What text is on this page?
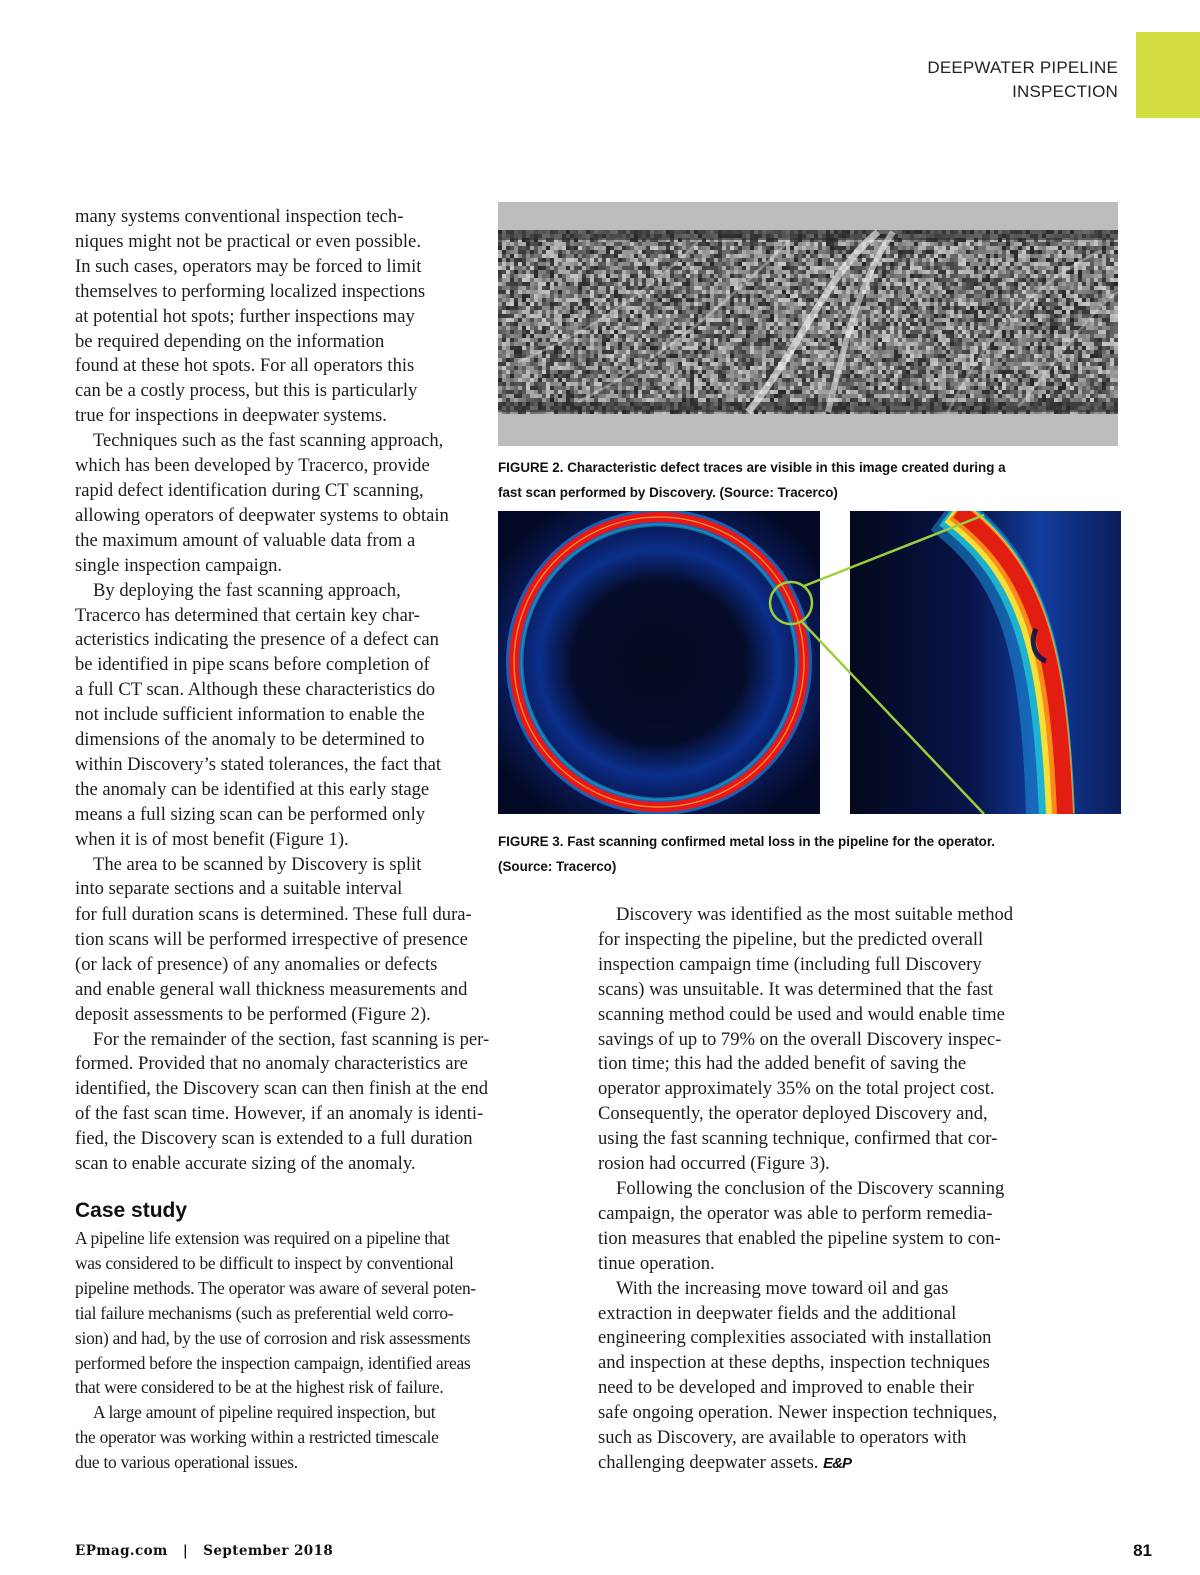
DEEPWATER PIPELINE
INSPECTION

many systems conventional inspection tech-

niques might not be practical or even possible.

In such cases, operators may be forced to limit

themselves to performing localized inspections

at potential hot spots; further inspections may

be required depending on the information

found at these hot spots. For all operators this

can be a costly process, but this is particularly

true for inspections in deepwater systems.

Techniques such as the fast scanning approach,

which has been developed by Tracerco, provide

rapid defect identification during CT scanning,

allowing operators of deepwater systems to obtain

the maximum amount of valuable data from a

single inspection campaign.

By deploying the fast scanning approach,

Tracerco has determined that certain key char-

acteristics indicating the presence of a defect can

be identified in pipe scans before completion of

a full CT scan. Although these characteristics do

not include sufficient information to enable the

dimensions of the anomaly to be determined to

within Discovery’s stated tolerances, the fact that

the anomaly can be identified at this early stage

means a full sizing scan can be performed only

when it is of most benefit (Figure 1).

The area to be scanned by Discovery is split

into separate sections and a suitable interval

FIGURE 2. Characteristic defect traces are visible in this image created during a

fast scan performed by Discovery. (Source: Tracerco)

FIGURE 3. Fast scanning confirmed metal loss in the pipeline for the operator.

(Source: Tracerco)

for full duration scans is determined. These full dura-

tion scans will be performed irrespective of presence

(or lack of presence) of any anomalies or defects

and enable general wall thickness measurements and

deposit assessments to be performed (Figure 2).

For the remainder of the section, fast scanning is per-

formed. Provided that no anomaly characteristics are

identified, the Discovery scan can then finish at the end

of the fast scan time. However, if an anomaly is identi-

fied, the Discovery scan is extended to a full duration

scan to enable accurate sizing of the anomaly.

Case study

A pipeline life extension was required on a pipeline that

was considered to be difficult to inspect by conventional

pipeline methods. The operator was aware of several poten-

tial failure mechanisms (such as preferential weld corro-

sion) and had, by the use of corrosion and risk assessments

performed before the inspection campaign, identified areas

that were considered to be at the highest risk of failure.

A large amount of pipeline required inspection, but

the operator was working within a restricted timescale

due to various operational issues.

Discovery was identified as the most suitable method

for inspecting the pipeline, but the predicted overall

inspection campaign time (including full Discovery

scans) was unsuitable. It was determined that the fast

scanning method could be used and would enable time

savings of up to 79% on the overall Discovery inspec-

tion time; this had the added benefit of saving the

operator approximately 35% on the total project cost.

Consequently, the operator deployed Discovery and,

using the fast scanning technique, confirmed that cor-

rosion had occurred (Figure 3).

Following the conclusion of the Discovery scanning

campaign, the operator was able to perform remedia-

tion measures that enabled the pipeline system to con-

tinue operation.

With the increasing move toward oil and gas

extraction in deepwater fields and the additional

engineering complexities associated with installation

and inspection at these depths, inspection techniques

need to be developed and improved to enable their

safe ongoing operation. Newer inspection techniques,

such as Discovery, are available to operators with

challenging deepwater assets. E&P

EPmag.com | September 2018	81
